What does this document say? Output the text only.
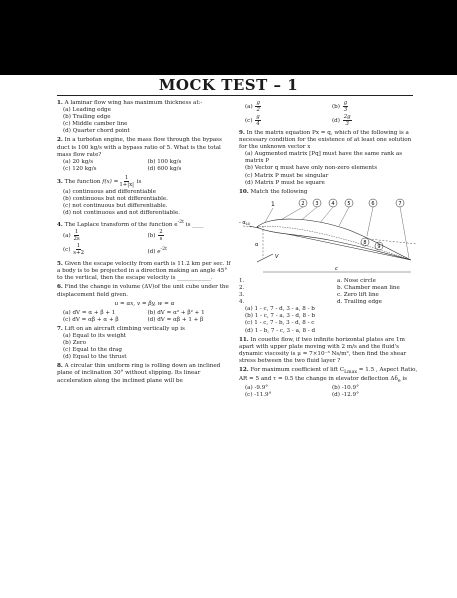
MOCK TEST – 1
1. A laminar flow wing has maximum thickness at:-
(a) Leading edge
(b) Trailing edge
(c) Middle camber line
(d) Quarter chord point
2. In a turbofan engine, the mass flow through the bypass duct is 100 kg/s with a bypass ratio of 5. What is the total mass flow rate?
(a) 20 kg/s	(b) 100 kg/s
(c) 120 kg/s	(d) 600 kg/s
3. The function $f(x) = \frac{1}{1+|x|}$ is
(a) continuous and differentiable
(b) continuous but not differentiable.
(c) not continuous but differentiable.
(d) not continuous and not differentiable.
4. The Laplace transform of the function $e^{-2t}$ is ____
$(a) \frac{1}{2s}$	$(b) \frac{2}{s}$
$(c) \frac{1}{s+2}$	(d) $e^{-2t}$
5. Given the escape velocity from earth is 11.2 km per sec. If a body is to be projected in a direction making an angle 45° to the vertical, then the escape velocity is ____________.
6. Find the change in volume (ΔV)of the unit cube under the displacement field given.
u = αx, v = βy, w = α
(a) dV = α + β + 1	(b) dV = α² + β² + 1
(c) dV = αβ + α + β	(d) dV = αβ + 1 + β
7. Lift on an aircraft climbing vertically up is
(a) Equal to its weight
(b) Zero
(c) Equal to the drag
(d) Equal to the thrust
8. A circular thin uniform ring is rolling down an inclined plane of inclination 30° without slipping. Its linear acceleration along the inclined plane will be
$(a) \frac{g}{2}$	$(b) \frac{g}{3}$
$(c) \frac{g}{4}$	$(d) \frac{2g}{3}$
9. In the matrix equation Px = q, which of the following is a necessary condition for the existence of at least one solution for the unknown vector x
(a) Augmented matrix [Pq] must have the same rank as matrix P
(b) Vector q must have only non-zero elements
(c) Matrix P must be singular
(d) Matrix P must be square
10. Match the following
1	2 3	4	5	6	7
- $\alpha_{L0}$
α
V
8
9
c
1.
2.
3.
4.
a. Nose circle
b. Chamber mean line
c. Zero lift line
d. Trailing edge
(a) 1 - c, 7 - d, 3 - a, 8 - b
(b) 1 - c, 7 - a, 3 - d, 8 - b
(c) 1 - c, 7 - b, 3 - d, 8 - c
(d) 1 - b, 7 - c, 3 - a, 8 - d
11. In couette flow, if two infinite horizontal plates are 1m apart with upper plate moving with 2 m/s and the fluid's dynamic viscosity is μ = 7×10⁻³ Ns/m², then find the shear stress between the two fluid layer ?
12. For maximum coefficient of lift $C_{Lmax} = 1.5$ , Aspect Ratio, AR = 5 and τ = 0.5 the change in elevator deflection $\Delta\delta_e$ is
(a) -9.9°	(b) -10.9°
(c) -11.9°	(d) -12.9°
